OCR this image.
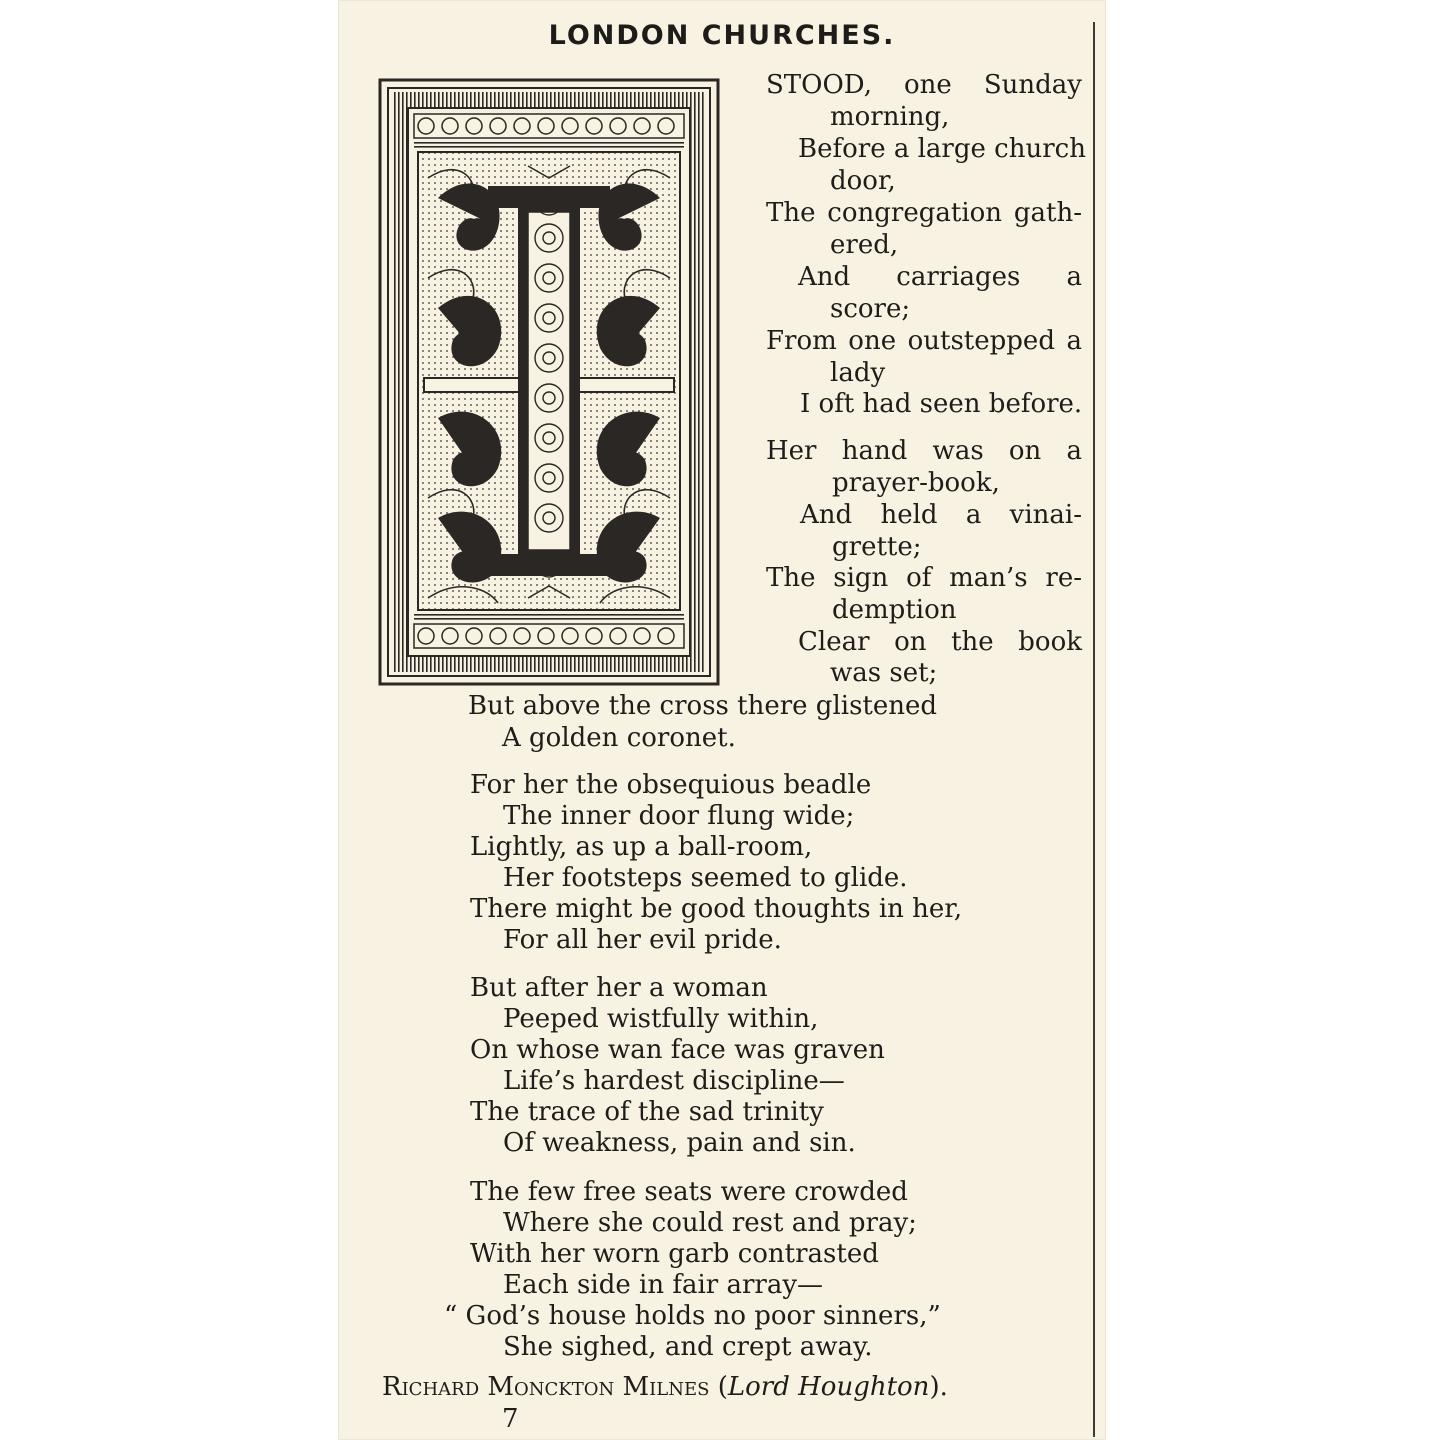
LONDON CHURCHES.
STOOD, one Sunday
morning,
Before a large church
door,
The congregation gath-
ered,
And carriages a
score;
From one outstepped a
lady
I oft had seen before.
Her hand was on a
prayer-book,
And held a vinai-
grette;
The sign of man’s re-
demption
Clear on the book
was set;
But above the cross there glistened
A golden coronet.
For her the obsequious beadle
The inner door flung wide;
Lightly, as up a ball-room,
Her footsteps seemed to glide.
There might be good thoughts in her,
For all her evil pride.
But after her a woman
Peeped wistfully within,
On whose wan face was graven
Life’s hardest discipline—
The trace of the sad trinity
Of weakness, pain and sin.
The few free seats were crowded
Where she could rest and pray;
With her worn garb contrasted
Each side in fair array—
“ God’s house holds no poor sinners,”
She sighed, and crept away.
Richard Monckton Milnes (Lord Houghton).
7
